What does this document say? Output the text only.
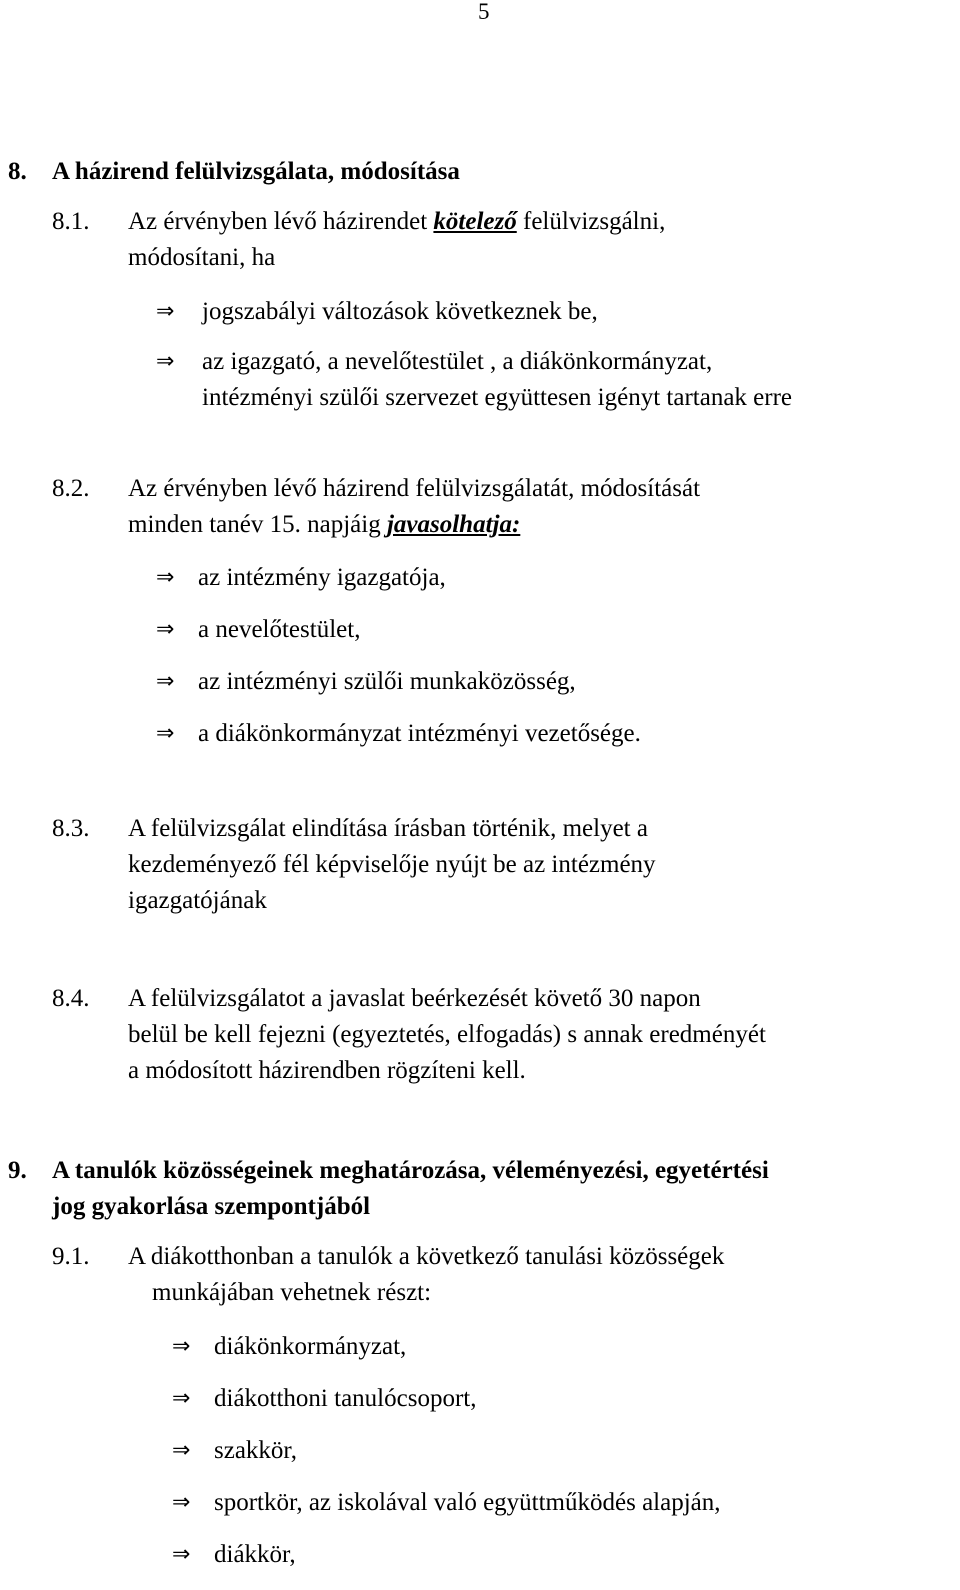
5
8. A házirend felülvizsgálata, módosítása
8.1. Az érvényben lévő házirendet kötelező felülvizsgálni,
módosítani, ha
⇒ jogszabályi változások következnek be,
⇒ az igazgató, a nevelőtestület , a diákönkormányzat,
intézményi szülői szervezet együttesen igényt tartanak erre
8.2. Az érvényben lévő házirend felülvizsgálatát, módosítását
minden tanév 15. napjáig javasolhatja:
⇒ az intézmény igazgatója,
⇒ a nevelőtestület,
⇒ az intézményi szülői munkaközösség,
⇒ a diákönkormányzat intézményi vezetősége.
8.3. A felülvizsgálat elindítása írásban történik, melyet a
kezdeményező fél képviselője nyújt be az intézmény
igazgatójának
8.4. A felülvizsgálatot a javaslat beérkezését követő 30 napon
belül be kell fejezni (egyeztetés, elfogadás) s annak eredményét
a módosított házirendben rögzíteni kell.
9. A tanulók közösségeinek meghatározása, véleményezési, egyetértési
jog gyakorlása szempontjából
9.1. A diákotthonban a tanulók a következő tanulási közösségek
munkájában vehetnek részt:
⇒ diákönkormányzat,
⇒ diákotthoni tanulócsoport,
⇒ szakkör,
⇒ sportkör, az iskolával való együttműködés alapján,
⇒ diákkör,
